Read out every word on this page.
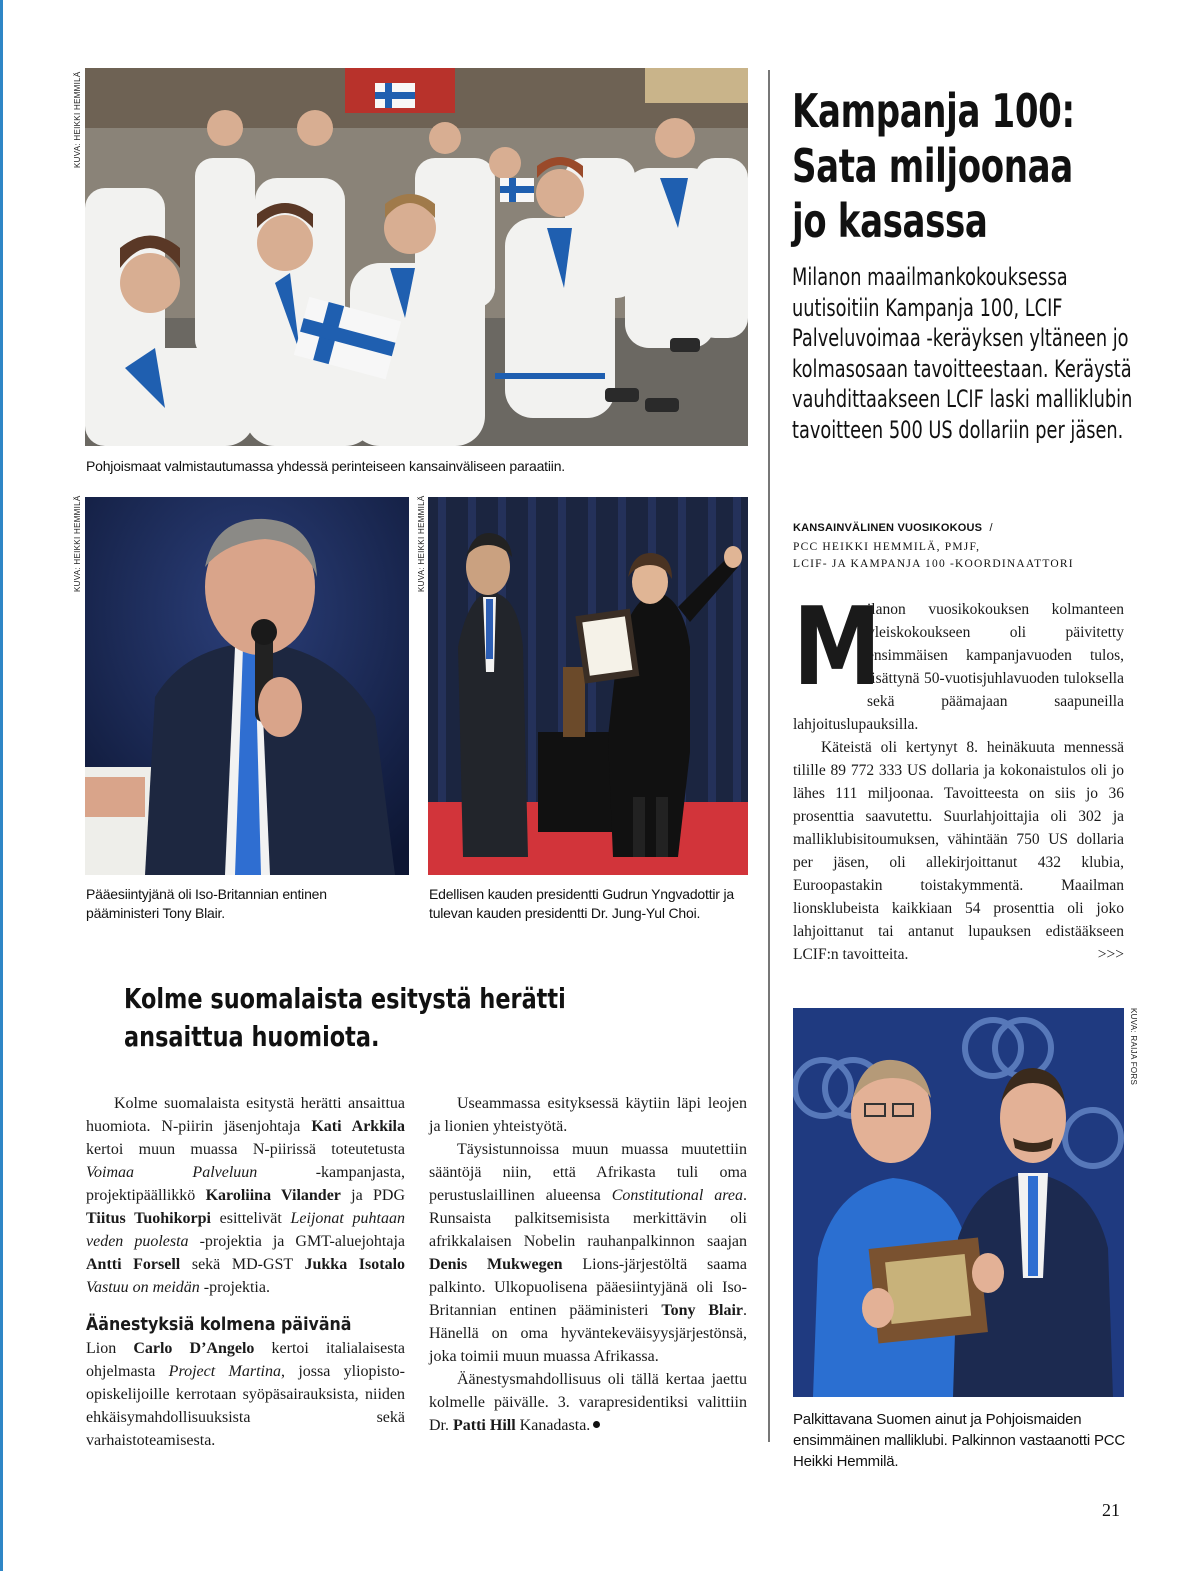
KUVA: HEIKKI HEMMILÄ
Pohjoismaat valmistautumassa yhdessä perinteiseen kansainväliseen paraatiin.
KUVA: HEIKKI HEMMILÄ
Pääesiintyjänä oli Iso-Britannian entinen pääministeri Tony Blair.
KUVA: HEIKKI HEMMILÄ
Edellisen kauden presidentti Gudrun Yngvadottir ja tulevan kauden presidentti Dr. Jung-Yul Choi.
Kampanja 100:
Sata miljoonaa
jo kasassa
Milanon maailmankokouksessa uutisoitiin Kampanja 100, LCIF Palveluvoimaa -keräyksen yltäneen jo kolmasosaan tavoitteestaan. Keräystä vauhdittaakseen LCIF laski malliklubin tavoitteen 500 US dollariin per jäsen.
KANSAINVÄLINEN VUOSIKOKOUS /
PCC HEIKKI HEMMILÄ, PMJF,
LCIF- JA KAMPANJA 100 -KOORDINAATTORI

M
ilanon vuosikokouksen kolmanteen yleiskokoukseen oli päivitetty ensimmäisen kampanjavuoden tulos, lisättynä 50-vuotisjuhlavuoden tuloksella sekä päämajaan saapuneilla lahjoituslupauksilla.

Käteistä oli kertynyt 8. heinäkuuta mennessä tilille 89 772 333 US dollaria ja kokonaistulos oli jo lähes 111 miljoonaa. Tavoitteesta on siis jo 36 prosenttia saavutettu. Suurlahjoittajia oli 302 ja malliklubisitoumuksen, vähintään 750 US dollaria per jäsen, oli allekirjoittanut 432 klubia, Euroopastakin toistakymmentä. Maailman lionsklubeista kaikkiaan 54 prosenttia oli joko lahjoittanut tai antanut lupauksen edistääkseen LCIF:n tavoitteita.	>>>
KUVA: RAIJA FORS
Palkittavana Suomen ainut ja Pohjoismaiden ensimmäinen malliklubi. Palkinnon vastaanotti PCC Heikki Hemmilä.
Kolme suomalaista esitystä herätti
ansaittua huomiota.

Kolme suomalaista esitystä herätti ansaittua huomiota. N-piirin jäsenjohtaja Kati Arkkila kertoi muun muassa N-piirissä toteutetusta Voimaa Palveluun -kampanjasta, projektipäällikkö Karoliina Vilander ja PDG Tiitus Tuohikorpi esittelivät Leijonat puhtaan veden puolesta -projektia ja GMT-aluejohtaja Antti Forsell sekä MD-GST Jukka Isotalo Vastuu on meidän -projektia.

Äänestyksiä kolmena päivänä

Lion Carlo D’Angelo kertoi italialaisesta ohjelmasta Project Martina, jossa yliopisto-opiskelijoille kerrotaan syöpäsairauksista, niiden ehkäisymahdollisuuksista sekä varhaistoteamisesta.

Useammassa esityksessä käytiin läpi leojen ja lionien yhteistyötä.

Täysistunnoissa muun muassa muutettiin sääntöjä niin, että Afrikasta tuli oma perustuslaillinen alueensa Constitutional area. Runsaista palkitsemisista merkittävin oli afrikkalaisen Nobelin rauhanpalkinnon saajan Denis Mukwegen Lions-järjestöltä saama palkinto. Ulkopuolisena pääesiintyjänä oli Iso-Britannian entinen pääministeri Tony Blair. Hänellä on oma hyväntekeväisyysjärjestönsä, joka toimii muun muassa Afrikassa.

Äänestysmahdollisuus oli tällä kertaa jaettu kolmelle päivälle. 3. varapresidentiksi valittiin Dr. Patti Hill Kanadasta.

21
